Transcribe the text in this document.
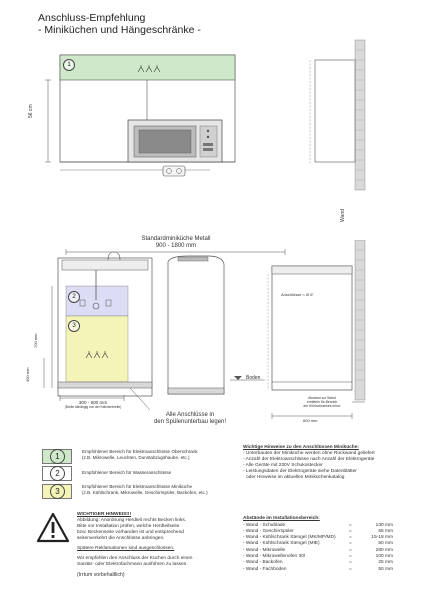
Anschluss-Empfehlung
- Miniküchen und Hängeschränke -
1
56 cm
Wand
Standardminiküche Metall
900 - 1800 mm
2
3
700 mm
400 mm
300 - 600 mm
(Breite abhängig von der Kabinenbreite)
Alle Anschlüsse in
den Spülenunterbau legen!
Anschlüsse = Ø 6"
Boden
Abstand zur Wand
ermitteln für Bereich
der Kühlschrankes mind.
600 mm
1
Empfohlener Bereich für Elektroanschlüsse Oberschrank
(z.B. Mikrowelle, Leuchten, Dunstabzugshaube, etc.)
2	Empfohlener Bereich für Wasseranschlüsse
3
Empfohlener Bereich für Elektroanschlüsse Miniküche
(z.B. Kühlschrank, Mikrowelle, Geschirrspüler, Backofen, etc.)
Wichtige Hinweise zu den Anschlüssen Miniküche:
- Unterbauten der Miniküche werden ohne Rückwand geliefert
- Anzahl der Elektroanschlüsse nach Anzahl der Elektrogeräte
- Alle Geräte mit 230V Schukostecker
- Leistungsdaten der Elektrogeräte siehe Datenblätter
oder Hinweise im aktuellen Miniküchenkatalog
WICHTIGER HINWEIS!!!
Abbildung: Anordnung Herdteil rechts Becken links.
Bitte vor Installation prüfen, welche Herdteilseite
bzw. Beckenseite vorhanden ist und entsprechend
seitenverkehrt die Anschlüsse anbringen.
Spätere Reklamationen sind ausgeschlossen.
Wir empfehlen den Anschluss der Küchen durch einen
Sanitär- oder Elektrofachmann ausführen zu lassen.
(Irrtum vorbehaltlich)
Abstände im Installationsbereich:
- Wand - Schublade	=	130 mm
- Wand - Geschirrspüler	=	65 mm
- Wand - Kühlschrank Stengel (MK/MP/MD)	=	15-18 mm
- Wand - Kühlschrank Stengel (MIE)	=	50 mm
- Wand - Mikrowelle	=	280 mm
- Wand - Mikrowellenofen 30l	=	100 mm
- Wand - Backofen	=	25 mm
- Wand - Fachboden	=	50 mm
